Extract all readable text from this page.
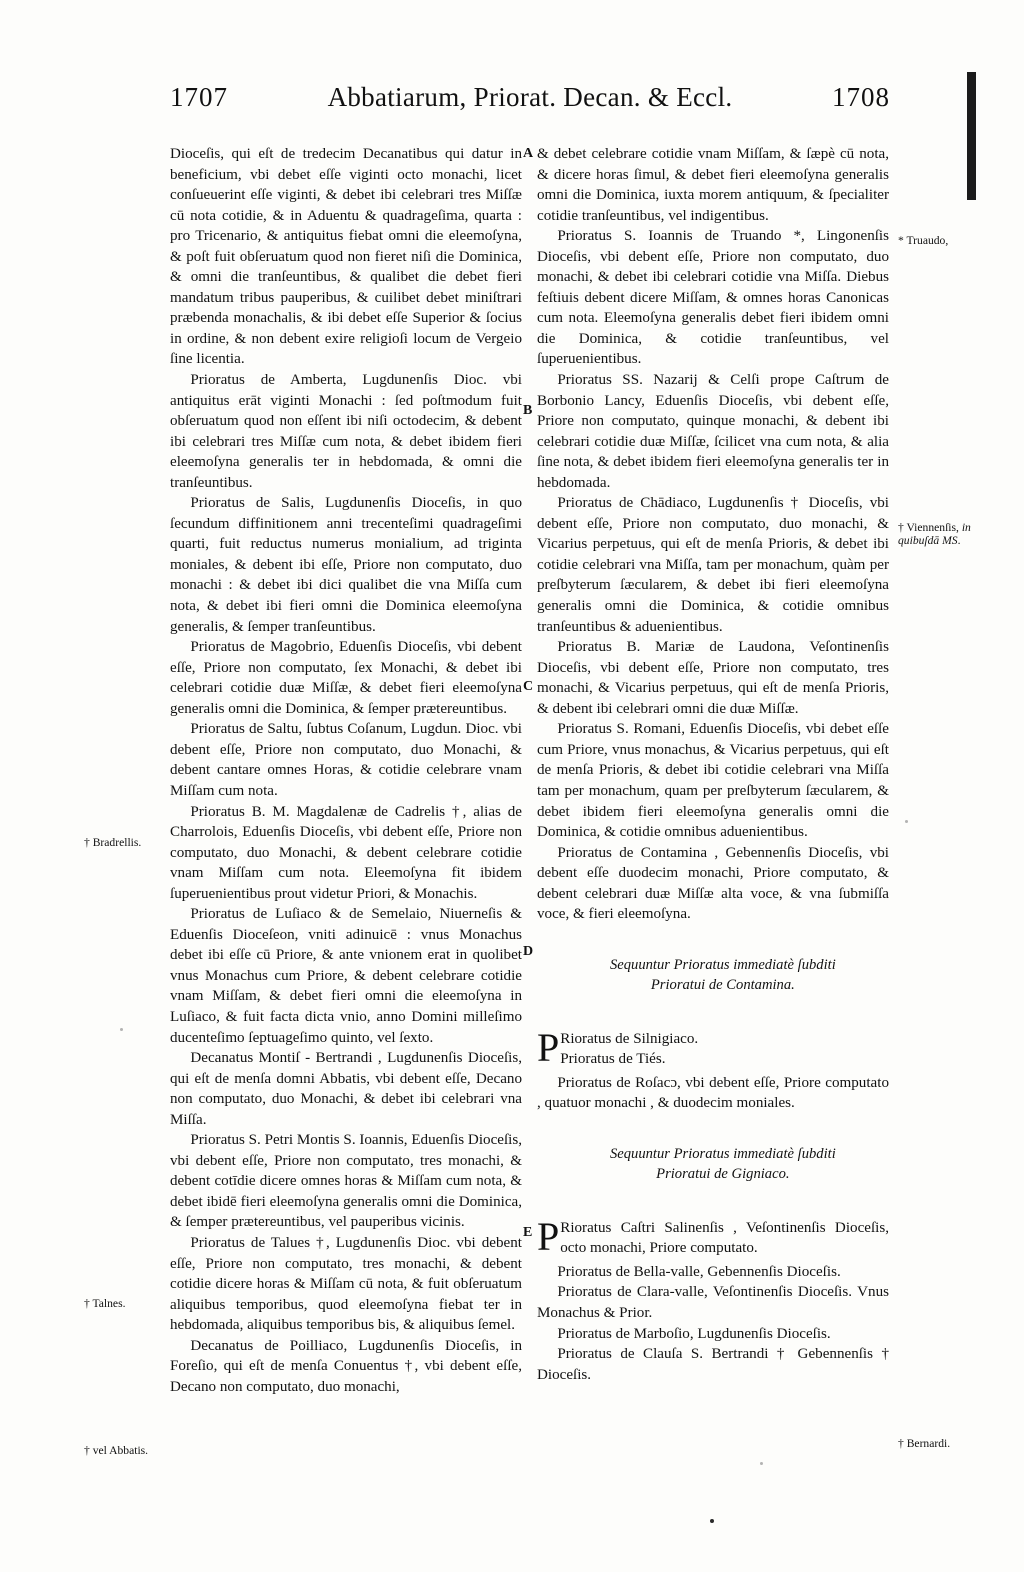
1707	Abbatiarum, Priorat. Decan. & Eccl.	1708
A
B
C
D
E
† Bradrellis.
† Talnes.
† vel Abbatis.
* Truaudo,
† Viennenſis, in quibuſdā MS.
† Bernardi.

Dioceſis, qui eſt de tredecim Decanatibus qui datur in beneficium, vbi debet eſſe viginti octo monachi, licet conſueuerint eſſe viginti, & debet ibi celebrari tres Miſſæ cū nota cotidie, & in Aduentu & quadrageſima, quarta : pro Tricenario, & antiquitus fiebat omni die eleemoſyna, & poſt fuit obſeruatum quod non fieret niſi die Dominica, & omni die tranſeuntibus, & qualibet die debet fieri mandatum tribus pauperibus, & cuilibet debet miniſtrari præbenda monachalis, & ibi debet eſſe Superior & ſocius in ordine, & non debent exire religioſi locum de Vergeio ſine licentia.

Prioratus de Amberta, Lugdunenſis Dioc. vbi antiquitus erāt viginti Monachi : ſed poſtmodum fuit obſeruatum quod non eſſent ibi niſi octodecim, & debent ibi celebrari tres Miſſæ cum nota, & debet ibidem fieri eleemoſyna generalis ter in hebdomada, & omni die tranſeuntibus.

Prioratus de Salis, Lugdunenſis Dioceſis, in quo ſecundum diffinitionem anni trecenteſimi quadrageſimi quarti, fuit reductus numerus monialium, ad triginta moniales, & debent ibi eſſe, Priore non computato, duo monachi : & debet ibi dici qualibet die vna Miſſa cum nota, & debet ibi fieri omni die Dominica eleemoſyna generalis, & ſemper tranſeuntibus.

Prioratus de Magobrio, Eduenſis Dioceſis, vbi debent eſſe, Priore non computato, ſex Monachi, & debet ibi celebrari cotidie duæ Miſſæ, & debet fieri eleemoſyna generalis omni die Dominica, & ſemper prætereuntibus.

Prioratus de Saltu, ſubtus Coſanum, Lugdun. Dioc. vbi debent eſſe, Priore non computato, duo Monachi, & debent cantare omnes Horas, & cotidie celebrare vnam Miſſam cum nota.

Prioratus B. M. Magdalenæ de Cadrelis †, alias de Charrolois, Eduenſis Dioceſis, vbi debent eſſe, Priore non computato, duo Monachi, & debent celebrare cotidie vnam Miſſam cum nota. Eleemoſyna fit ibidem ſuperuenientibus prout videtur Priori, & Monachis.

Prioratus de Luſiaco & de Semelaio, Niuerneſis & Eduenſis Dioceſeon, vniti adinuicē : vnus Monachus debet ibi eſſe cū Priore, & ante vnionem erat in quolibet vnus Monachus cum Priore, & debent celebrare cotidie vnam Miſſam, & debet fieri omni die eleemoſyna in Luſiaco, & fuit facta dicta vnio, anno Domini milleſimo ducenteſimo ſeptuageſimo quinto, vel ſexto.

Decanatus Montiſ - Bertrandi , Lugdunenſis Dioceſis, qui eſt de menſa domni Abbatis, vbi debent eſſe, Decano non computato, duo Monachi, & debet ibi celebrari vna Miſſa.

Prioratus S. Petri Montis S. Ioannis, Eduenſis Dioceſis, vbi debent eſſe, Priore non computato, tres monachi, & debent cotīdie dicere omnes horas & Miſſam cum nota, & debet ibidē fieri eleemoſyna generalis omni die Dominica, & ſemper prætereuntibus, vel pauperibus vicinis.

Prioratus de Talues †, Lugdunenſis Dioc. vbi debent eſſe, Priore non computato, tres monachi, & debent cotidie dicere horas & Miſſam cū nota, & fuit obſeruatum aliquibus temporibus, quod eleemoſyna fiebat ter in hebdomada, aliquibus temporibus bis, & aliquibus ſemel.

Decanatus de Poilliaco, Lugdunenſis Dioceſis, in Foreſio, qui eſt de menſa Conuentus †, vbi debent eſſe, Decano non computato, duo monachi,

& debet celebrare cotidie vnam Miſſam, & ſæpè cū nota, & dicere horas ſimul, & debet fieri eleemoſyna generalis omni die Dominica, iuxta morem antiquum, & ſpecialiter cotidie tranſeuntibus, vel indigentibus.

Prioratus S. Ioannis de Truando *, Lingonenſis Dioceſis, vbi debent eſſe, Priore non computato, duo monachi, & debet ibi celebrari cotidie vna Miſſa. Diebus feſtiuis debent dicere Miſſam, & omnes horas Canonicas cum nota. Eleemoſyna generalis debet fieri ibidem omni die Dominica, & cotidie tranſeuntibus, vel ſuperuenientibus.

Prioratus SS. Nazarij & Celſi prope Caſtrum de Borbonio Lancy, Eduenſis Dioceſis, vbi debent eſſe, Priore non computato, quinque monachi, & debent ibi celebrari cotidie duæ Miſſæ, ſcilicet vna cum nota, & alia ſine nota, & debet ibidem fieri eleemoſyna generalis ter in hebdomada.

Prioratus de Chādiaco, Lugdunenſis † Dioceſis, vbi debent eſſe, Priore non computato, duo monachi, & Vicarius perpetuus, qui eſt de menſa Prioris, & debet ibi cotidie celebrari vna Miſſa, tam per monachum, quàm per preſbyterum ſæcularem, & debet ibi fieri eleemoſyna generalis omni die Dominica, & cotidie omnibus tranſeuntibus & aduenientibus.

Prioratus B. Mariæ de Laudona, Veſontinenſis Dioceſis, vbi debent eſſe, Priore non computato, tres monachi, & Vicarius perpetuus, qui eſt de menſa Prioris, & debent ibi celebrari omni die duæ Miſſæ.

Prioratus S. Romani, Eduenſis Dioceſis, vbi debet eſſe cum Priore, vnus monachus, & Vicarius perpetuus, qui eſt de menſa Prioris, & debet ibi cotidie celebrari vna Miſſa tam per monachum, quam per preſbyterum ſæcularem, & debet ibidem fieri eleemoſyna generalis omni die Dominica, & cotidie omnibus aduenientibus.

Prioratus de Contamina , Gebennenſis Dioceſis, vbi debent eſſe duodecim monachi, Priore computato, & debent celebrari duæ Miſſæ alta voce, & vna ſubmiſſa voce, & fieri eleemoſyna.

Sequuntur Prioratus immediatè ſubditi
Prioratui de Contamina.

P Rioratus de Silnigiaco.
Prioratus de Tiés.

Prioratus de Roſacɔ, vbi debent eſſe, Priore computato , quatuor monachi , & duodecim moniales.

Sequuntur Prioratus immediatè ſubditi
Prioratui de Gigniaco.

P Rioratus Caſtri Salinenſis , Veſontinenſis Dioceſis, octo monachi, Priore computato.

Prioratus de Bella-valle, Gebennenſis Dioceſis.

Prioratus de Clara-valle, Veſontinenſis Dioceſis. Vnus Monachus & Prior.

Prioratus de Marboſio, Lugdunenſis Dioceſis.

Prioratus de Clauſa S. Bertrandi † Gebennenſis † Dioceſis.
